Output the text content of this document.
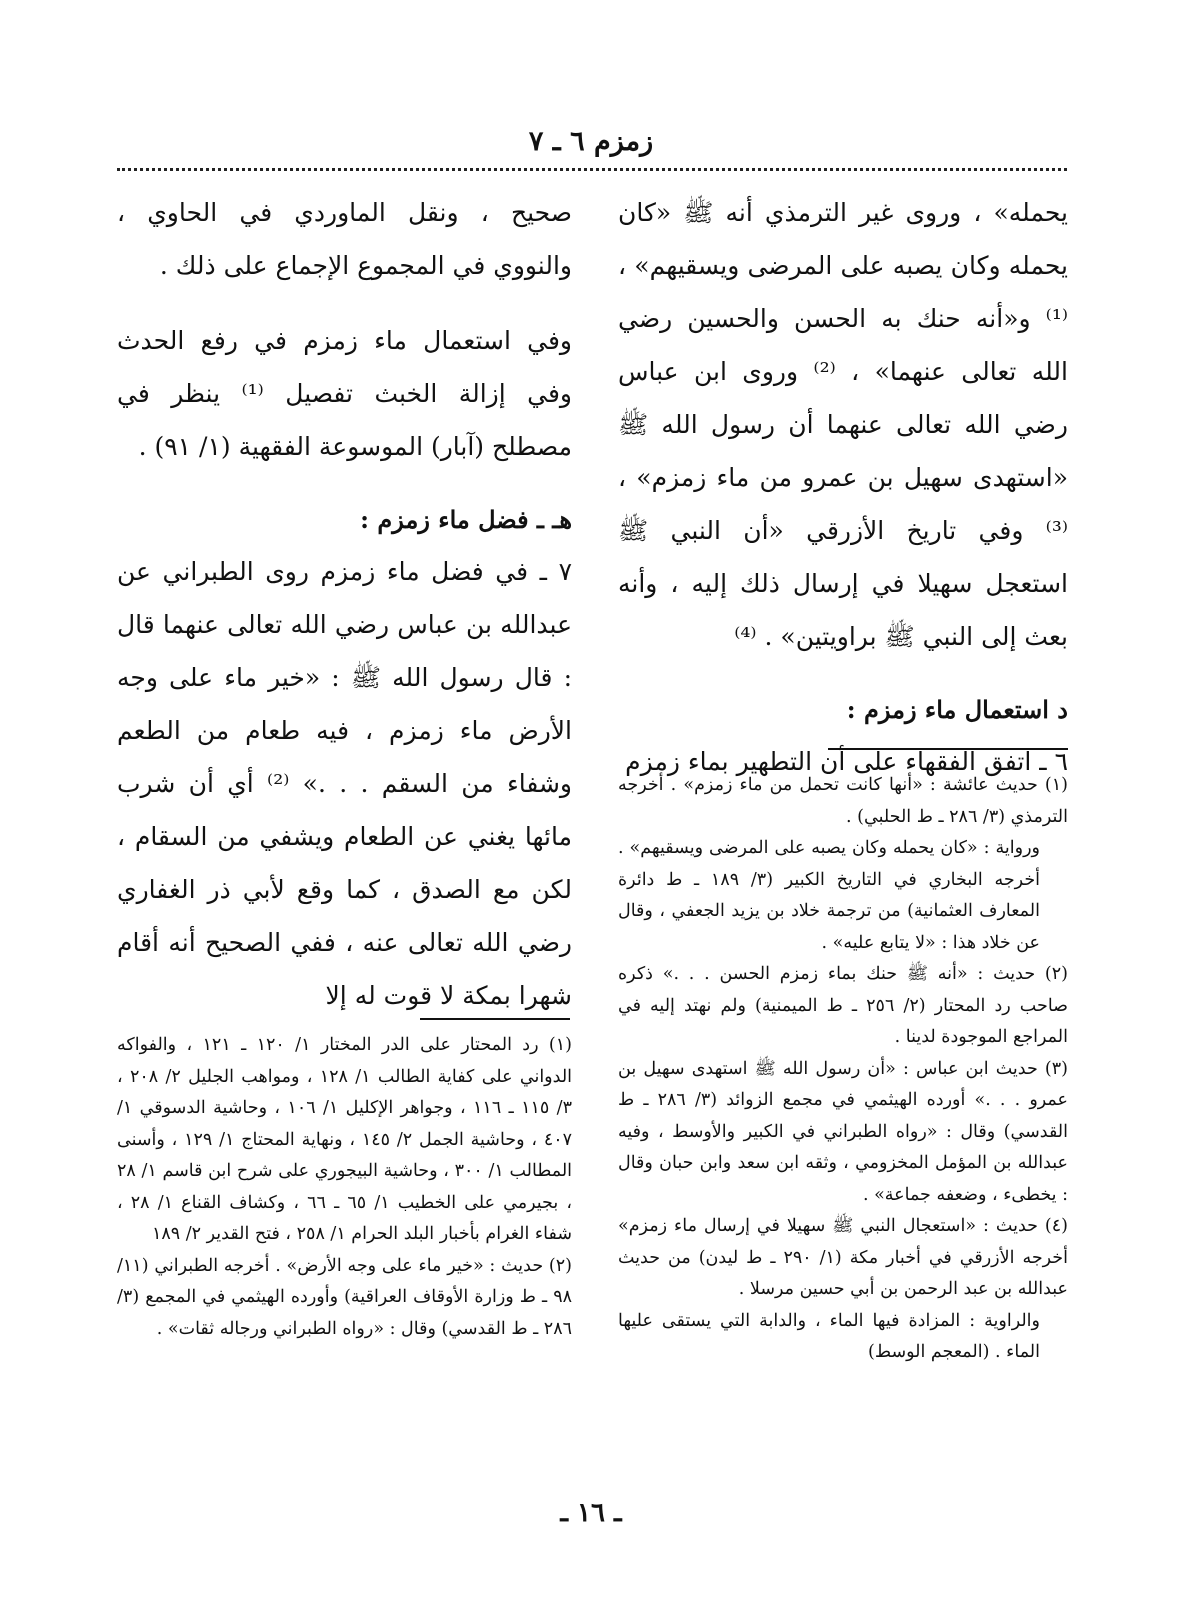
زمزم ٦ ـ ٧

يحمله» ، وروى غير الترمذي أنه ﷺ «كان يحمله وكان يصبه على المرضى ويسقيهم» ، ⁽¹⁾ و«أنه حنك به الحسن والحسين رضي الله تعالى عنهما» ، ⁽²⁾ وروى ابن عباس رضي الله تعالى عنهما أن رسول الله ﷺ «استهدى سهيل بن عمرو من ماء زمزم» ، ⁽³⁾ وفي تاريخ الأزرقي «أن النبي ﷺ استعجل سهيلا في إرسال ذلك إليه ، وأنه بعث إلى النبي ﷺ براويتين» . ⁽⁴⁾

د استعمال ماء زمزم :

٦ ـ اتفق الفقهاء على أن التطهير بماء زمزم

(١) حديث عائشة : «أنها كانت تحمل من ماء زمزم» . أخرجه الترمذي (٣/ ٢٨٦ ـ ط الحلبي) .

ورواية : «كان يحمله وكان يصبه على المرضى ويسقيهم» . أخرجه البخاري في التاريخ الكبير (٣/ ١٨٩ ـ ط دائرة المعارف العثمانية) من ترجمة خلاد بن يزيد الجعفي ، وقال عن خلاد هذا : «لا يتابع عليه» .

(٢) حديث : «أنه ﷺ حنك بماء زمزم الحسن . . .» ذكره صاحب رد المحتار (٢/ ٢٥٦ ـ ط الميمنية) ولم نهتد إليه في المراجع الموجودة لدينا .

(٣) حديث ابن عباس : «أن رسول الله ﷺ استهدى سهيل بن عمرو . . .» أورده الهيثمي في مجمع الزوائد (٣/ ٢٨٦ ـ ط القدسي) وقال : «رواه الطبراني في الكبير والأوسط ، وفيه عبدالله بن المؤمل المخزومي ، وثقه ابن سعد وابن حبان وقال : يخطىء ، وضعفه جماعة» .

(٤) حديث : «استعجال النبي ﷺ سهيلا في إرسال ماء زمزم» أخرجه الأزرقي في أخبار مكة (١/ ٢٩٠ ـ ط ليدن) من حديث عبدالله بن عبد الرحمن بن أبي حسين مرسلا .

والراوية : المزادة فيها الماء ، والدابة التي يستقى عليها الماء . (المعجم الوسط)

صحيح ، ونقل الماوردي في الحاوي ، والنووي في المجموع الإجماع على ذلك .

وفي استعمال ماء زمزم في رفع الحدث وفي إزالة الخبث تفصيل ⁽¹⁾ ينظر في مصطلح (آبار) الموسوعة الفقهية (١/ ٩١) .

هـ ـ فضل ماء زمزم :

٧ ـ في فضل ماء زمزم روى الطبراني عن عبدالله بن عباس رضي الله تعالى عنهما قال : قال رسول الله ﷺ : «خير ماء على وجه الأرض ماء زمزم ، فيه طعام من الطعم وشفاء من السقم . . .» ⁽²⁾ أي أن شرب مائها يغني عن الطعام ويشفي من السقام ، لكن مع الصدق ، كما وقع لأبي ذر الغفاري رضي الله تعالى عنه ، ففي الصحيح أنه أقام شهرا بمكة لا قوت له إلا

(١) رد المحتار على الدر المختار ١/ ١٢٠ ـ ١٢١ ، والفواكه الدواني على كفاية الطالب ١/ ١٢٨ ، ومواهب الجليل ٢/ ٢٠٨ ، ٣/ ١١٥ ـ ١١٦ ، وجواهر الإكليل ١/ ١٠٦ ، وحاشية الدسوقي ١/ ٤٠٧ ، وحاشية الجمل ٢/ ١٤٥ ، ونهاية المحتاج ١/ ١٢٩ ، وأسنى المطالب ١/ ٣٠٠ ، وحاشية البيجوري على شرح ابن قاسم ١/ ٢٨ ، بجيرمي على الخطيب ١/ ٦٥ ـ ٦٦ ، وكشاف القناع ١/ ٢٨ ، شفاء الغرام بأخبار البلد الحرام ١/ ٢٥٨ ، فتح القدير ٢/ ١٨٩

(٢) حديث : «خير ماء على وجه الأرض» . أخرجه الطبراني (١١/ ٩٨ ـ ط وزارة الأوقاف العراقية) وأورده الهيثمي في المجمع (٣/ ٢٨٦ ـ ط القدسي) وقال : «رواه الطبراني ورجاله ثقات» .

ـ ١٦ ـ
